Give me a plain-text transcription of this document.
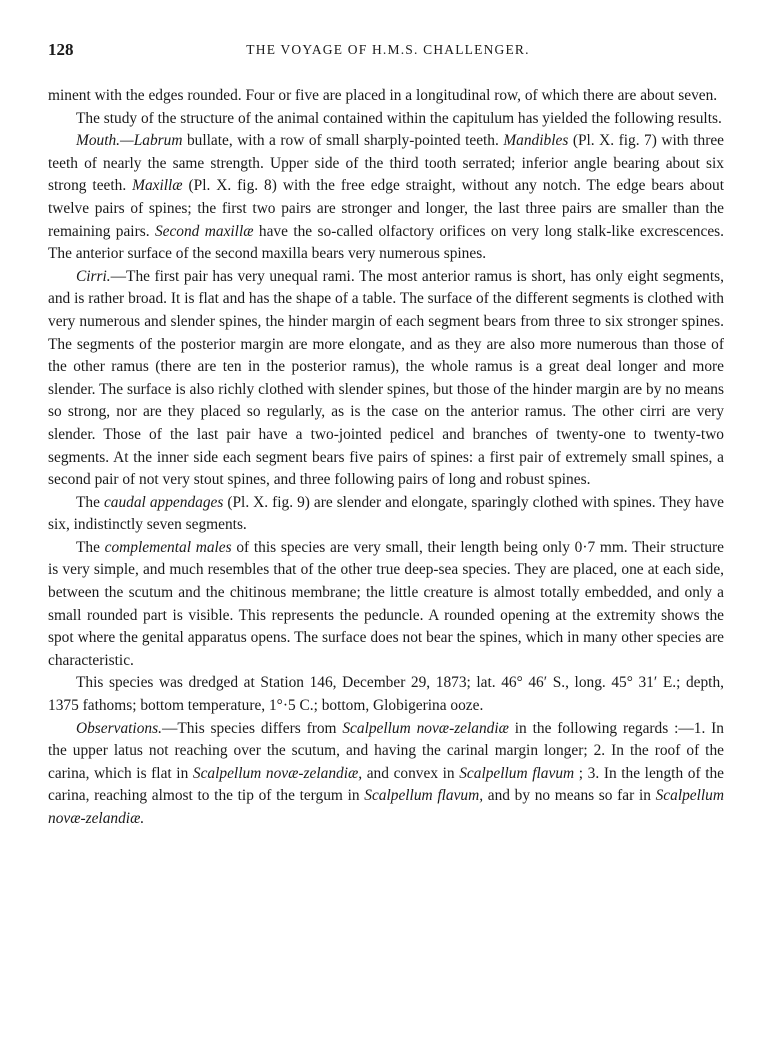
128	THE VOYAGE OF H.M.S. CHALLENGER.

minent with the edges rounded. Four or five are placed in a longitudinal row, of which there are about seven.

The study of the structure of the animal contained within the capitulum has yielded the following results.

Mouth.—Labrum bullate, with a row of small sharply-pointed teeth. Mandibles (Pl. X. fig. 7) with three teeth of nearly the same strength. Upper side of the third tooth serrated; inferior angle bearing about six strong teeth. Maxillæ (Pl. X. fig. 8) with the free edge straight, without any notch. The edge bears about twelve pairs of spines; the first two pairs are stronger and longer, the last three pairs are smaller than the remaining pairs. Second maxillæ have the so-called olfactory orifices on very long stalk-like excrescences. The anterior surface of the second maxilla bears very numerous spines.

Cirri.—The first pair has very unequal rami. The most anterior ramus is short, has only eight segments, and is rather broad. It is flat and has the shape of a table. The surface of the different segments is clothed with very numerous and slender spines, the hinder margin of each segment bears from three to six stronger spines. The segments of the posterior margin are more elongate, and as they are also more numerous than those of the other ramus (there are ten in the posterior ramus), the whole ramus is a great deal longer and more slender. The surface is also richly clothed with slender spines, but those of the hinder margin are by no means so strong, nor are they placed so regularly, as is the case on the anterior ramus. The other cirri are very slender. Those of the last pair have a two-jointed pedicel and branches of twenty-one to twenty-two segments. At the inner side each segment bears five pairs of spines: a first pair of extremely small spines, a second pair of not very stout spines, and three following pairs of long and robust spines.

The caudal appendages (Pl. X. fig. 9) are slender and elongate, sparingly clothed with spines. They have six, indistinctly seven segments.

The complemental males of this species are very small, their length being only 0·7 mm. Their structure is very simple, and much resembles that of the other true deep-sea species. They are placed, one at each side, between the scutum and the chitinous membrane; the little creature is almost totally embedded, and only a small rounded part is visible. This represents the peduncle. A rounded opening at the extremity shows the spot where the genital apparatus opens. The surface does not bear the spines, which in many other species are characteristic.

This species was dredged at Station 146, December 29, 1873; lat. 46° 46′ S., long. 45° 31′ E.; depth, 1375 fathoms; bottom temperature, 1°·5 C.; bottom, Globigerina ooze.

Observations.—This species differs from Scalpellum novæ-zelandiæ in the following regards :—1. In the upper latus not reaching over the scutum, and having the carinal margin longer; 2. In the roof of the carina, which is flat in Scalpellum novæ-zelandiæ, and convex in Scalpellum flavum ; 3. In the length of the carina, reaching almost to the tip of the tergum in Scalpellum flavum, and by no means so far in Scalpellum novæ-zelandiæ.
